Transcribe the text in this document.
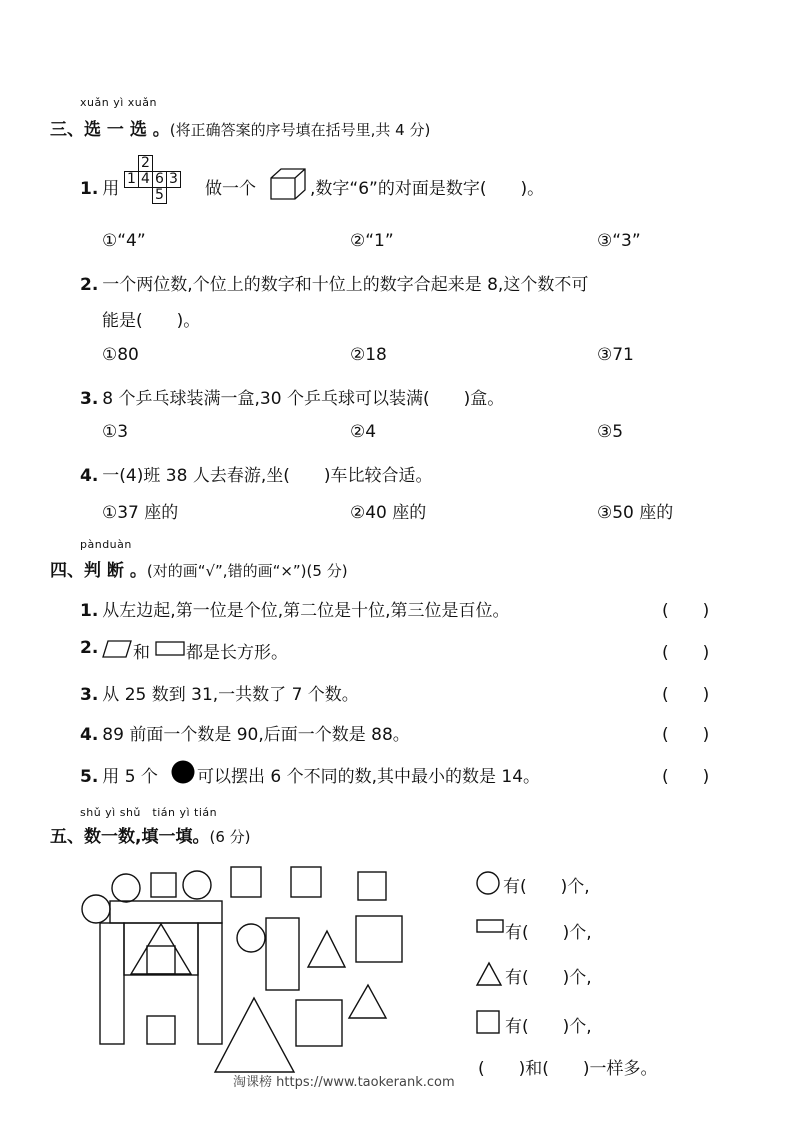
xuǎn yì xuǎn
三、选 一 选 。(将正确答案的序号填在括号里,共 4 分)
1. 用
	2		
1	4	6	3
		5	做一个	,数字“6”的对面是数字(　　)。
①“4”	②“1”	③“3”
2. 一个两位数,个位上的数字和十位上的数字合起来是 8,这个数不可
能是(　　)。
①80	②18	③71
3. 8 个乒乓球装满一盒,30 个乒乓球可以装满(　　)盒。
①3	②4	③5
4. 一(4)班 38 人去春游,坐(　　)车比较合适。
①37 座的	②40 座的	③50 座的
pànduàn
四、判 断 。(对的画“√”,错的画“×”)(5 分)
1. 从左边起,第一位是个位,第二位是十位,第三位是百位。	(　　)
2. 和 都是长方形。	(　　)
3. 从 25 数到 31,一共数了 7 个数。	(　　)
4. 89 前面一个数是 90,后面一个数是 88。	(　　)
5. 用 5 个 可以摆出 6 个不同的数,其中最小的数是 14。	(　　)
shǔ yì shǔ　tián yì tián
五、数一数,填一填。(6 分)
有(　　)个,
有(　　)个,
有(　　)个,
有(　　)个,
(　　)和(　　)一样多。
淘课榜 https://www.taokerank.com
